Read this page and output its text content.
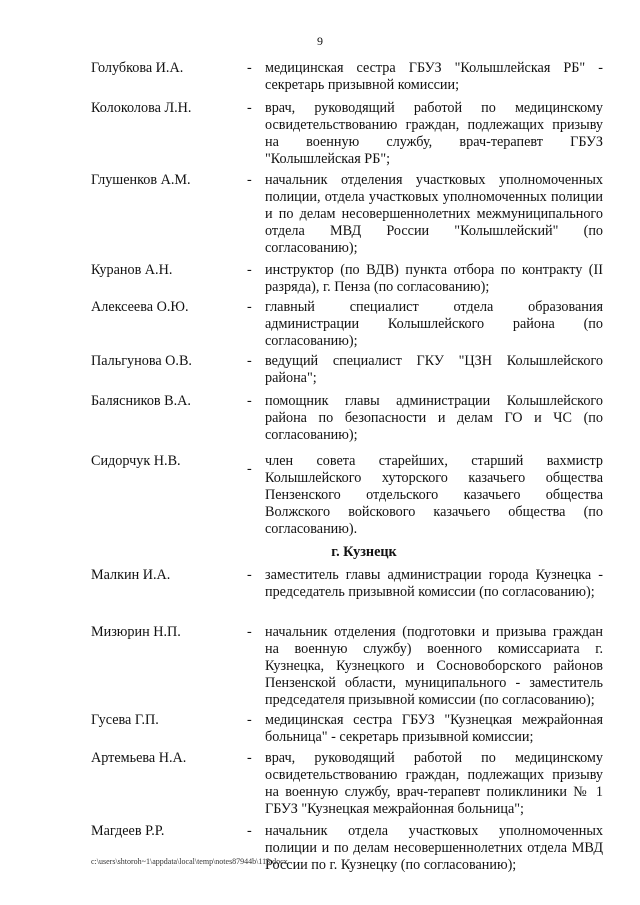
9
Голубкова И.А.	- медицинская сестра ГБУЗ "Колышлейская РБ" - секретарь призывной комиссии;
Колоколова Л.Н.	- врач, руководящий работой по медицинскому освидетельствованию граждан, подлежащих призыву на военную службу, врач-терапевт ГБУЗ "Колышлейская РБ";
Глушенков А.М.	- начальник отделения участковых уполномоченных полиции, отдела участковых уполномоченных полиции и по делам несовершеннолетних межмуниципального отдела МВД России "Колышлейский" (по согласованию);
Куранов А.Н.	- инструктор (по ВДВ) пункта отбора по контракту (II разряда), г. Пенза (по согласованию);
Алексеева О.Ю.	- главный специалист отдела образования администрации Колышлейского района (по согласованию);
Пальгунова О.В.	- ведущий специалист ГКУ "ЦЗН Колышлейского района";
Балясников В.А.	- помощник главы администрации Колышлейского района по безопасности и делам ГО и ЧС (по согласованию);
Сидорчук Н.В.	- член совета старейших, старший вахмистр Колышлейского хуторского казачьего общества Пензенского отдельского казачьего общества Волжского войскового казачьего общества (по согласованию).
г. Кузнецк
Малкин И.А.	- заместитель главы администрации города Кузнецка - председатель призывной комиссии (по согласованию);
Мизюрин Н.П.	- начальник отделения (подготовки и призыва граждан на военную службу) военного комиссариата г. Кузнецка, Кузнецкого и Сосновоборского районов Пензенской области, муниципального - заместитель председателя призывной комиссии (по согласованию);
Гусева Г.П.	- медицинская сестра ГБУЗ "Кузнецкая межрайонная больница" - секретарь призывной комиссии;
Артемьева Н.А.	- врач, руководящий работой по медицинскому освидетельствованию граждан, подлежащих призыву на военную службу, врач-терапевт поликлиники № 1 ГБУЗ "Кузнецкая межрайонная больница";
Магдеев Р.Р.	- начальник отдела участковых уполномоченных полиции и по делам несовершеннолетних отдела МВД России по г. Кузнецку (по согласованию);
c:\users\shtoroh~1\appdata\local\temp\notes87944b\113.docx
